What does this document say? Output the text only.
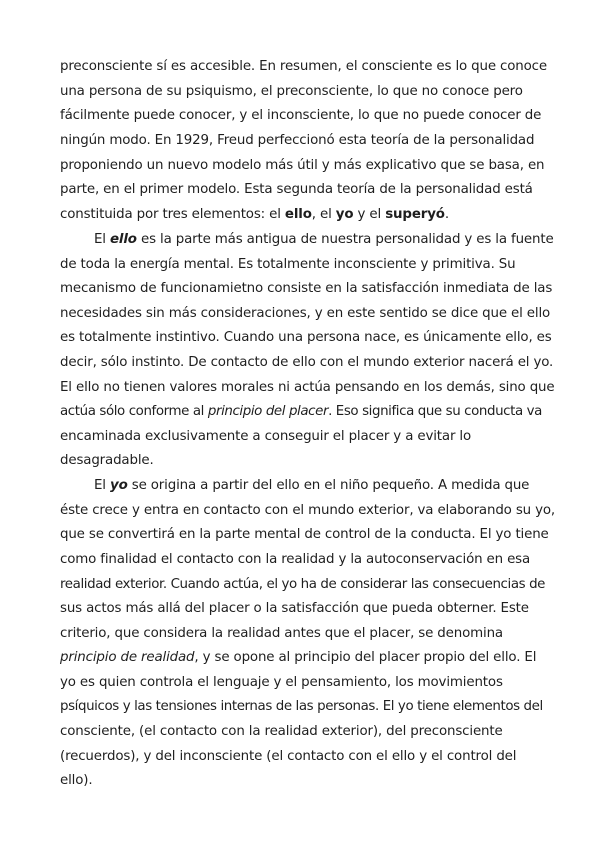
preconsciente sí es accesible. En resumen, el consciente es lo que conoce
una persona de su psiquismo, el preconsciente, lo que no conoce pero
fácilmente puede conocer, y el inconsciente, lo que no puede conocer de
ningún modo. En 1929, Freud perfeccionó esta teoría de la personalidad
proponiendo un nuevo modelo más útil y más explicativo que se basa, en
parte, en el primer modelo. Esta segunda teoría de la personalidad está
constituida por tres elementos: el ello, el yo y el superyó.
El ello es la parte más antigua de nuestra personalidad y es la fuente
de toda la energía mental. Es totalmente inconsciente y primitiva. Su
mecanismo de funcionamietno consiste en la satisfacción inmediata de las
necesidades sin más consideraciones, y en este sentido se dice que el ello
es totalmente instintivo. Cuando una persona nace, es únicamente ello, es
decir, sólo instinto. De contacto de ello con el mundo exterior nacerá el yo.
El ello no tienen valores morales ni actúa pensando en los demás, sino que
actúa sólo conforme al principio del placer. Eso significa que su conducta va
encaminada exclusivamente a conseguir el placer y a evitar lo
desagradable.
El yo se origina a partir del ello en el niño pequeño. A medida que
éste crece y entra en contacto con el mundo exterior, va elaborando su yo,
que se convertirá en la parte mental de control de la conducta. El yo tiene
como finalidad el contacto con la realidad y la autoconservación en esa
realidad exterior. Cuando actúa, el yo ha de considerar las consecuencias de
sus actos más allá del placer o la satisfacción que pueda obterner. Este
criterio, que considera la realidad antes que el placer, se denomina
principio de realidad, y se opone al principio del placer propio del ello. El
yo es quien controla el lenguaje y el pensamiento, los movimientos
psíquicos y las tensiones internas de las personas. El yo tiene elementos del
consciente, (el contacto con la realidad exterior), del preconsciente
(recuerdos), y del inconsciente (el contacto con el ello y el control del
ello).
